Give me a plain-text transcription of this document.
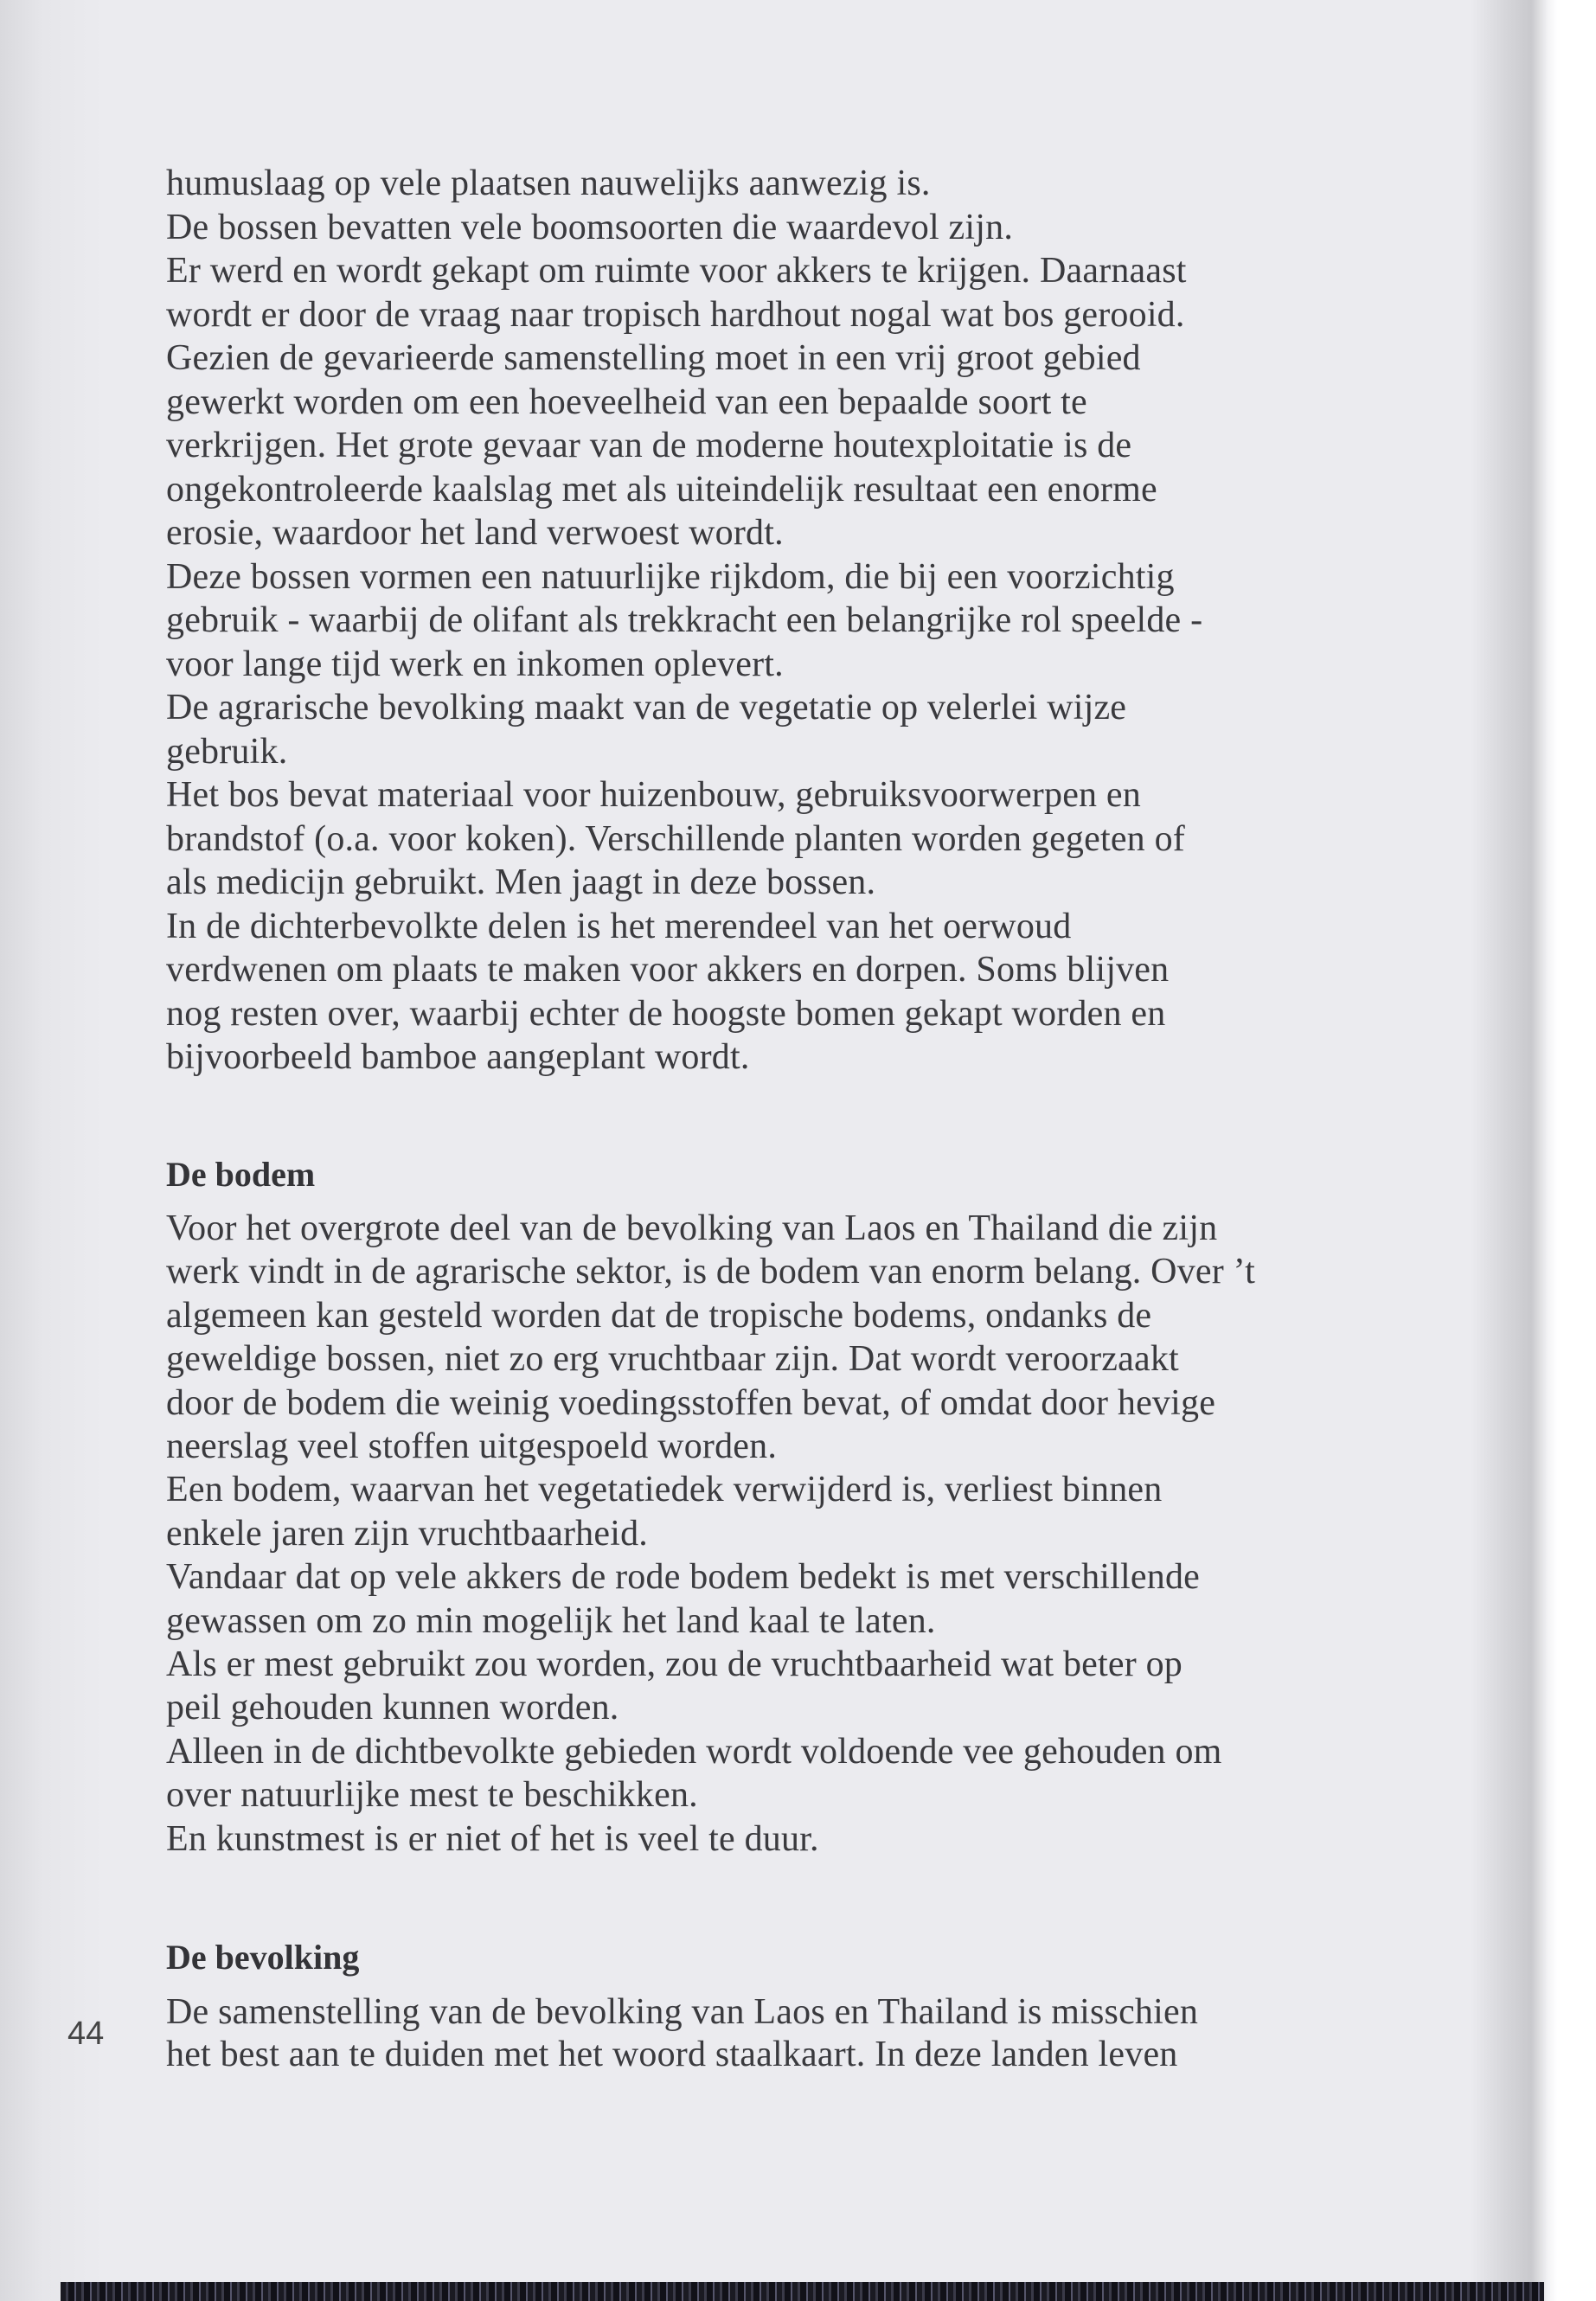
humuslaag op vele plaatsen nauwelijks aanwezig is.
De bossen bevatten vele boomsoorten die waardevol zijn.
Er werd en wordt gekapt om ruimte voor akkers te krijgen. Daarnaast
wordt er door de vraag naar tropisch hardhout nogal wat bos gerooid.
Gezien de gevarieerde samenstelling moet in een vrij groot gebied
gewerkt worden om een hoeveelheid van een bepaalde soort te
verkrijgen. Het grote gevaar van de moderne houtexploitatie is de
ongekontroleerde kaalslag met als uiteindelijk resultaat een enorme
erosie, waardoor het land verwoest wordt.
Deze bossen vormen een natuurlijke rijkdom, die bij een voorzichtig
gebruik - waarbij de olifant als trekkracht een belangrijke rol speelde -
voor lange tijd werk en inkomen oplevert.
De agrarische bevolking maakt van de vegetatie op velerlei wijze
gebruik.
Het bos bevat materiaal voor huizenbouw, gebruiksvoorwerpen en
brandstof (o.a. voor koken). Verschillende planten worden gegeten of
als medicijn gebruikt. Men jaagt in deze bossen.
In de dichterbevolkte delen is het merendeel van het oerwoud
verdwenen om plaats te maken voor akkers en dorpen. Soms blijven
nog resten over, waarbij echter de hoogste bomen gekapt worden en
bijvoorbeeld bamboe aangeplant wordt.
De bodem
Voor het overgrote deel van de bevolking van Laos en Thailand die zijn
werk vindt in de agrarische sektor, is de bodem van enorm belang. Over ’t
algemeen kan gesteld worden dat de tropische bodems, ondanks de
geweldige bossen, niet zo erg vruchtbaar zijn. Dat wordt veroorzaakt
door de bodem die weinig voedingsstoffen bevat, of omdat door hevige
neerslag veel stoffen uitgespoeld worden.
Een bodem, waarvan het vegetatiedek verwijderd is, verliest binnen
enkele jaren zijn vruchtbaarheid.
Vandaar dat op vele akkers de rode bodem bedekt is met verschillende
gewassen om zo min mogelijk het land kaal te laten.
Als er mest gebruikt zou worden, zou de vruchtbaarheid wat beter op
peil gehouden kunnen worden.
Alleen in de dichtbevolkte gebieden wordt voldoende vee gehouden om
over natuurlijke mest te beschikken.
En kunstmest is er niet of het is veel te duur.
De bevolking
De samenstelling van de bevolking van Laos en Thailand is misschien
het best aan te duiden met het woord staalkaart. In deze landen leven
44
